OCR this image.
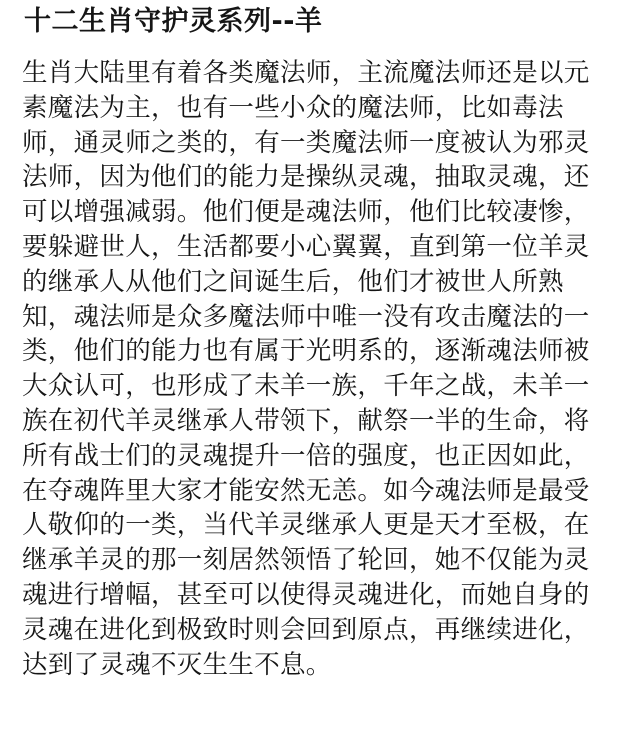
十二生肖守护灵系列--羊
生肖大陆里有着各类魔法师，主流魔法师还是以元
素魔法为主，也有一些小众的魔法师，比如毒法
师，通灵师之类的，有一类魔法师一度被认为邪灵
法师，因为他们的能力是操纵灵魂，抽取灵魂，还
可以增强减弱。他们便是魂法师，他们比较凄惨，
要躲避世人，生活都要小心翼翼，直到第一位羊灵
的继承人从他们之间诞生后，他们才被世人所熟
知，魂法师是众多魔法师中唯一没有攻击魔法的一
类，他们的能力也有属于光明系的，逐渐魂法师被
大众认可，也形成了未羊一族，千年之战，未羊一
族在初代羊灵继承人带领下，献祭一半的生命，将
所有战士们的灵魂提升一倍的强度，也正因如此，
在夺魂阵里大家才能安然无恙。如今魂法师是最受
人敬仰的一类，当代羊灵继承人更是天才至极，在
继承羊灵的那一刻居然领悟了轮回，她不仅能为灵
魂进行增幅，甚至可以使得灵魂进化，而她自身的
灵魂在进化到极致时则会回到原点，再继续进化，
达到了灵魂不灭生生不息。
